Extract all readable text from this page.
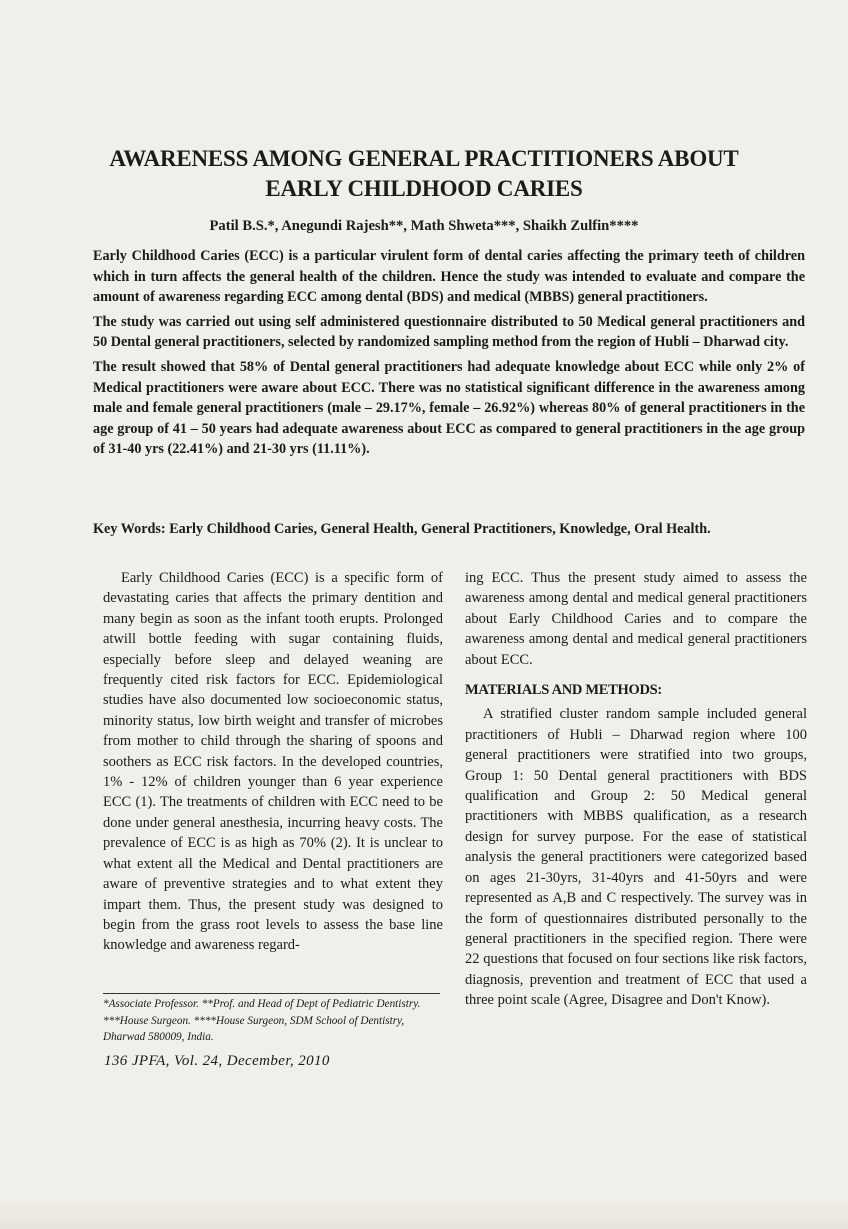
AWARENESS AMONG GENERAL PRACTITIONERS ABOUT
EARLY CHILDHOOD CARIES
Patil B.S.*, Anegundi Rajesh**, Math Shweta***, Shaikh Zulfin****

Early Childhood Caries (ECC) is a particular virulent form of dental caries affecting the primary teeth of children which in turn affects the general health of the children. Hence the study was intended to evaluate and compare the amount of awareness regarding ECC among dental (BDS) and medical (MBBS) general practitioners.

The study was carried out using self administered questionnaire distributed to 50 Medical general practitioners and 50 Dental general practitioners, selected by randomized sampling method from the region of Hubli – Dharwad city.

The result showed that 58% of Dental general practitioners had adequate knowledge about ECC while only 2% of Medical practitioners were aware about ECC. There was no statistical significant difference in the awareness among male and female general practitioners (male – 29.17%, female – 26.92%) whereas 80% of general practitioners in the age group of 41 – 50 years had adequate awareness about ECC as compared to general practitioners in the age group of 31-40 yrs (22.41%) and 21-30 yrs (11.11%).

Key Words: Early Childhood Caries, General Health, General Practitioners, Knowledge, Oral Health.

Early Childhood Caries (ECC) is a specific form of devastating caries that affects the primary dentition and many begin as soon as the infant tooth erupts. Prolonged atwill bottle feeding with sugar containing fluids, especially before sleep and delayed weaning are frequently cited risk factors for ECC. Epidemiological studies have also documented low socioeconomic status, minority status, low birth weight and transfer of microbes from mother to child through the sharing of spoons and soothers as ECC risk factors. In the developed countries, 1% - 12% of children younger than 6 year experience ECC (1). The treatments of children with ECC need to be done under general anesthesia, incurring heavy costs. The prevalence of ECC is as high as 70% (2). It is unclear to what extent all the Medical and Dental practitioners are aware of preventive strategies and to what extent they impart them. Thus, the present study was designed to begin from the grass root levels to assess the base line knowledge and awareness regard-

ing ECC. Thus the present study aimed to assess the awareness among dental and medical general practitioners about Early Childhood Caries and to compare the awareness among dental and medical general practitioners about ECC.

MATERIALS AND METHODS:

A stratified cluster random sample included general practitioners of Hubli – Dharwad region where 100 general practitioners were stratified into two groups, Group 1: 50 Dental general practitioners with BDS qualification and Group 2: 50 Medical general practitioners with MBBS qualification, as a research design for survey purpose. For the ease of statistical analysis the general practitioners were categorized based on ages 21-30yrs, 31-40yrs and 41-50yrs and were represented as A,B and C respectively. The survey was in the form of questionnaires distributed personally to the general practitioners in the specified region. There were 22 questions that focused on four sections like risk factors, diagnosis, prevention and treatment of ECC that used a three point scale (Agree, Disagree and Don't Know).

*Associate Professor. **Prof. and Head of Dept of Pediatric Dentistry. ***House Surgeon. ****House Surgeon, SDM School of Dentistry, Dharwad 580009, India.
136 JPFA, Vol. 24, December, 2010
